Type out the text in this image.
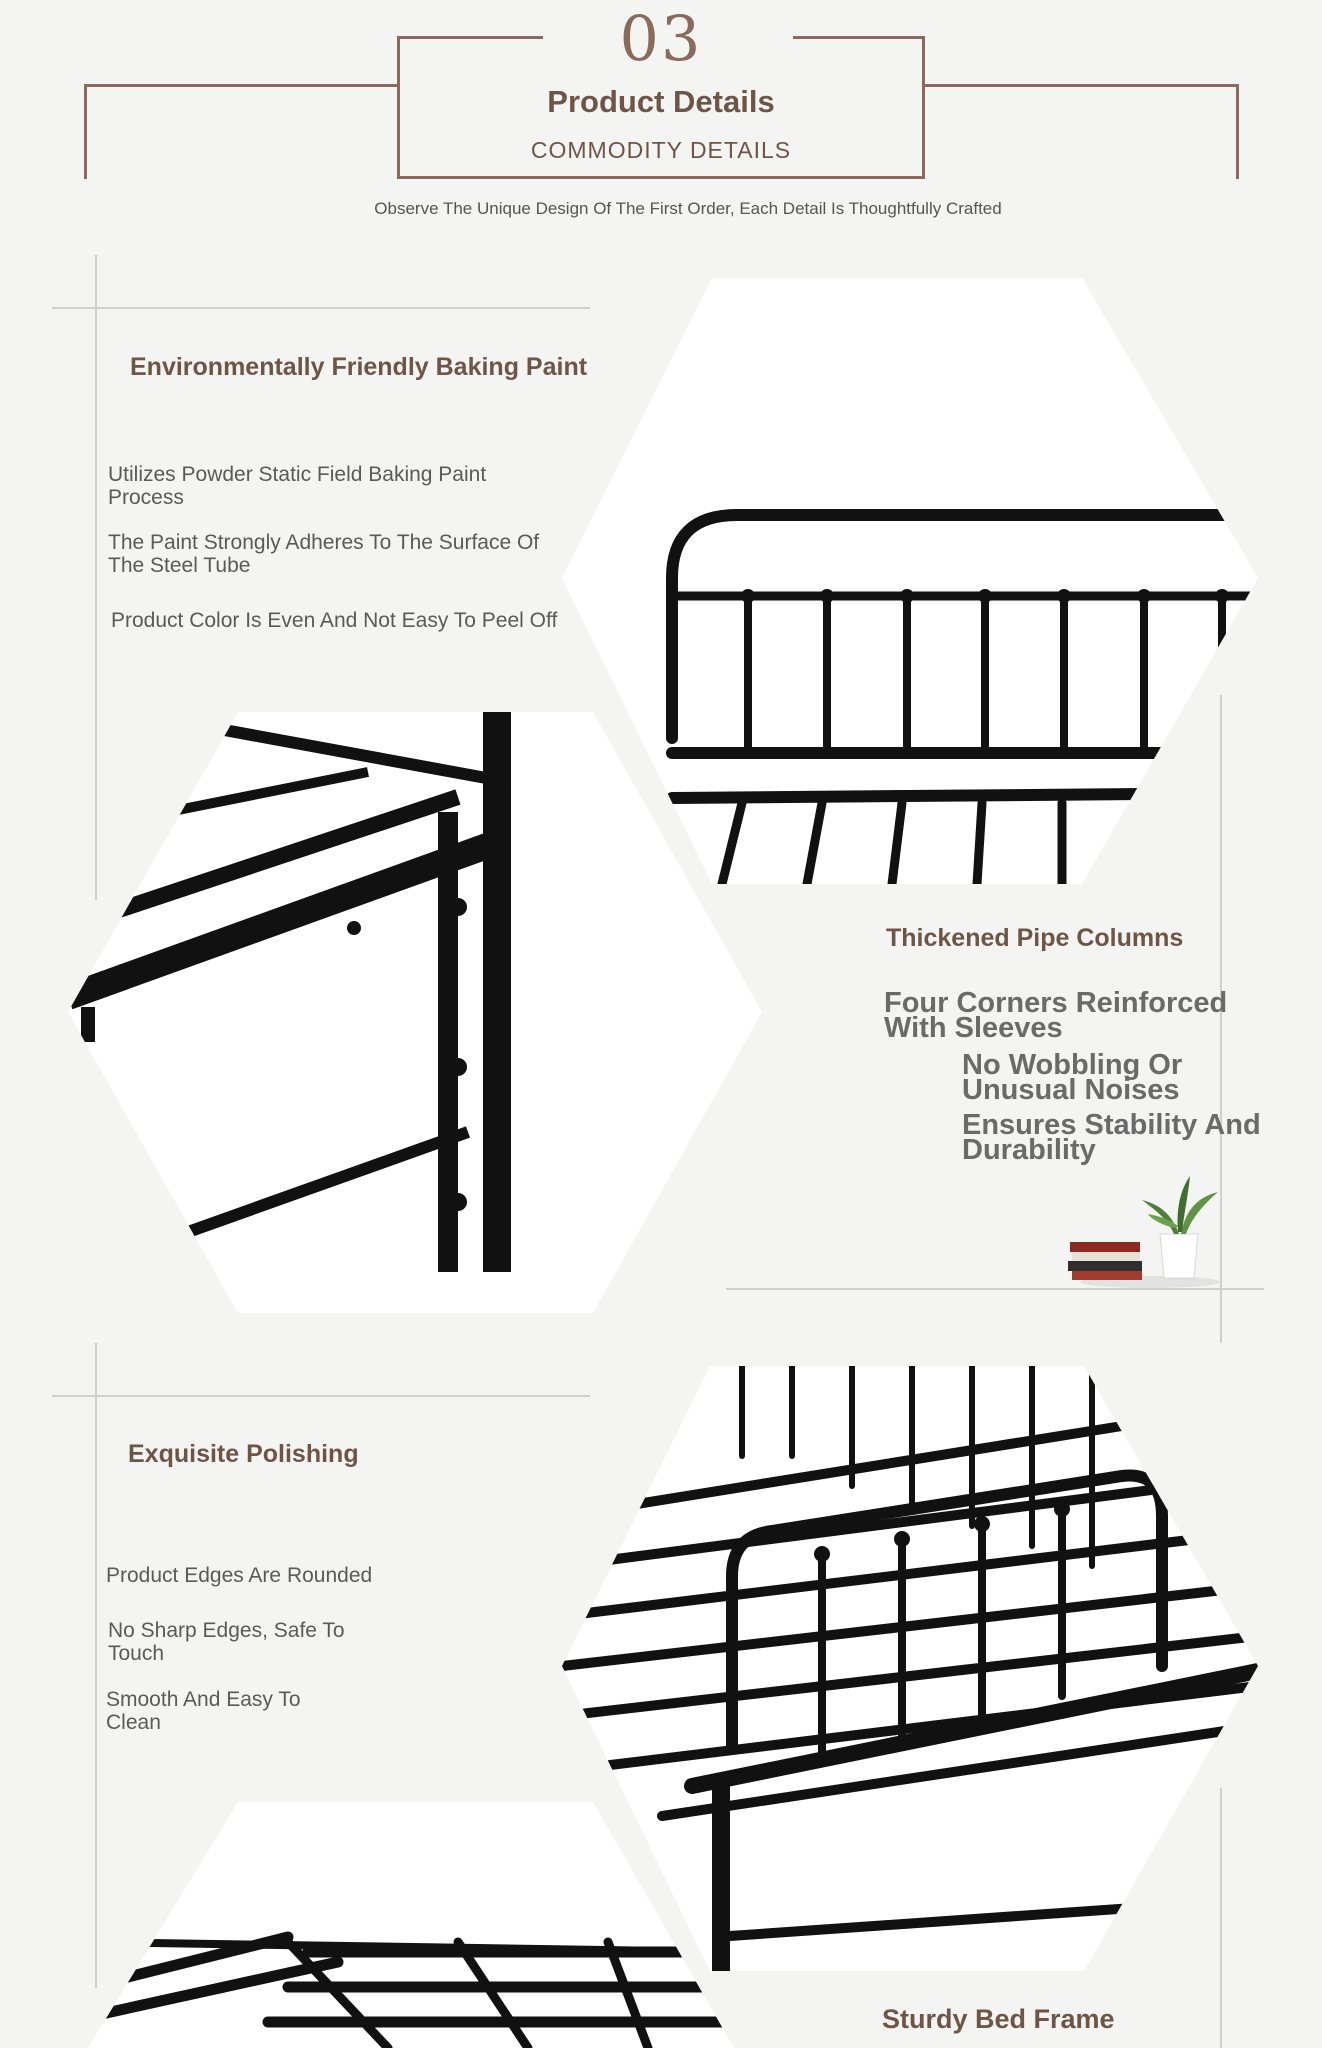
03
Product Details
COMMODITY DETAILS
Observe The Unique Design Of The First Order, Each Detail Is Thoughtfully Crafted
Environmentally Friendly Baking Paint
Utilizes Powder Static Field Baking Paint Process
The Paint Strongly Adheres To The Surface Of The Steel Tube
Product Color Is Even And Not Easy To Peel Off
Thickened Pipe Columns
Four Corners Reinforced With Sleeves
No Wobbling Or Unusual Noises
Ensures Stability And Durability
Exquisite Polishing
Product Edges Are Rounded
No Sharp Edges, Safe To Touch
Smooth And Easy To Clean
Sturdy Bed Frame
